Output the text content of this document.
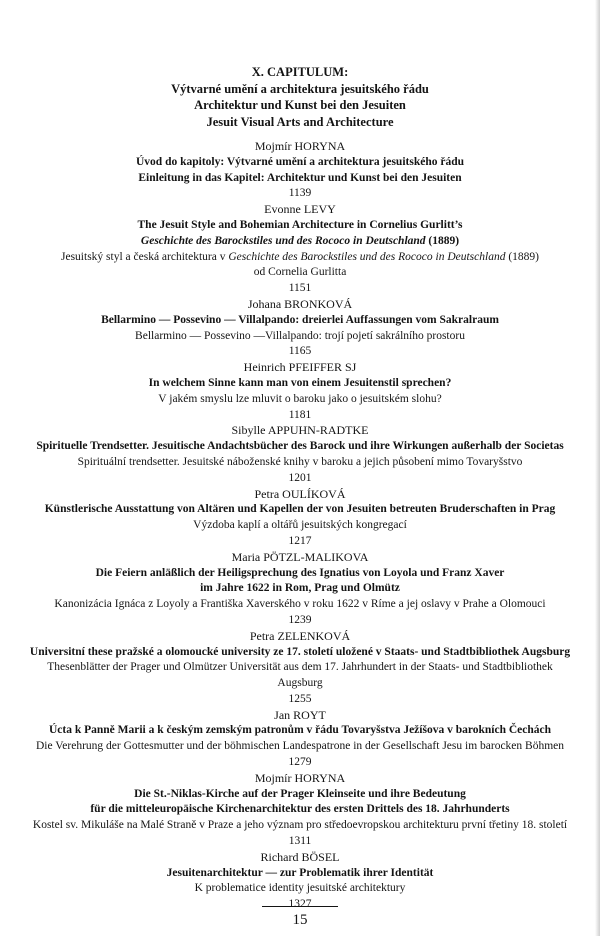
X. CAPITULUM:
Výtvarné umění a architektura jesuitského řádu
Architektur und Kunst bei den Jesuiten
Jesuit Visual Arts and Architecture
Mojmír HORYNA
Úvod do kapitoly: Výtvarné umění a architektura jesuitského řádu
Einleitung in das Kapitel: Architektur und Kunst bei den Jesuiten
1139
Evonne LEVY
The Jesuit Style and Bohemian Architecture in Cornelius Gurlitt’s
Geschichte des Barockstiles und des Rococo in Deutschland (1889)
Jesuitský styl a česká architektura v Geschichte des Barockstiles und des Rococo in Deutschland (1889)
od Cornelia Gurlitta
1151
Johana BRONKOVÁ
Bellarmino — Possevino — Villalpando: dreierlei Auffassungen vom Sakralraum
Bellarmino — Possevino —Villalpando: trojí pojetí sakrálního prostoru
1165
Heinrich PFEIFFER SJ
In welchem Sinne kann man von einem Jesuitenstil sprechen?
V jakém smyslu lze mluvit o baroku jako o jesuitském slohu?
1181
Sibylle APPUHN-RADTKE
Spirituelle Trendsetter. Jesuitische Andachtsbücher des Barock und ihre Wirkungen außerhalb der Societas
Spirituální trendsetter. Jesuitské náboženské knihy v baroku a jejich působení mimo Tovaryšstvo
1201
Petra OULÍKOVÁ
Künstlerische Ausstattung von Altären und Kapellen der von Jesuiten betreuten Bruderschaften in Prag
Výzdoba kaplí a oltářů jesuitských kongregací
1217
Maria PÖTZL-MALIKOVA
Die Feiern anläßlich der Heiligsprechung des Ignatius von Loyola und Franz Xaver
im Jahre 1622 in Rom, Prag und Olmütz
Kanonizácia Ignáca z Loyoly a Františka Xaverského v roku 1622 v Ríme a jej oslavy v Prahe a Olomouci
1239
Petra ZELENKOVÁ
Universitní these pražské a olomoucké university ze 17. století uložené v Staats- und Stadtbibliothek Augsburg
Thesenblätter der Prager und Olmützer Universität aus dem 17. Jahrhundert in der Staats- und Stadtbibliothek
Augsburg
1255
Jan ROYT
Úcta k Panně Marii a k českým zemským patronům v řádu Tovaryšstva Ježíšova v barokních Čechách
Die Verehrung der Gottesmutter und der böhmischen Landespatrone in der Gesellschaft Jesu im barocken Böhmen
1279
Mojmír HORYNA
Die St.-Niklas-Kirche auf der Prager Kleinseite und ihre Bedeutung
für die mitteleuropäische Kirchenarchitektur des ersten Drittels des 18. Jahrhunderts
Kostel sv. Mikuláše na Malé Straně v Praze a jeho význam pro středoevropskou architekturu první třetiny 18. století
1311
Richard BÖSEL
Jesuitenarchitektur — zur Problematik ihrer Identität
K problematice identity jesuitské architektury
1327
15
